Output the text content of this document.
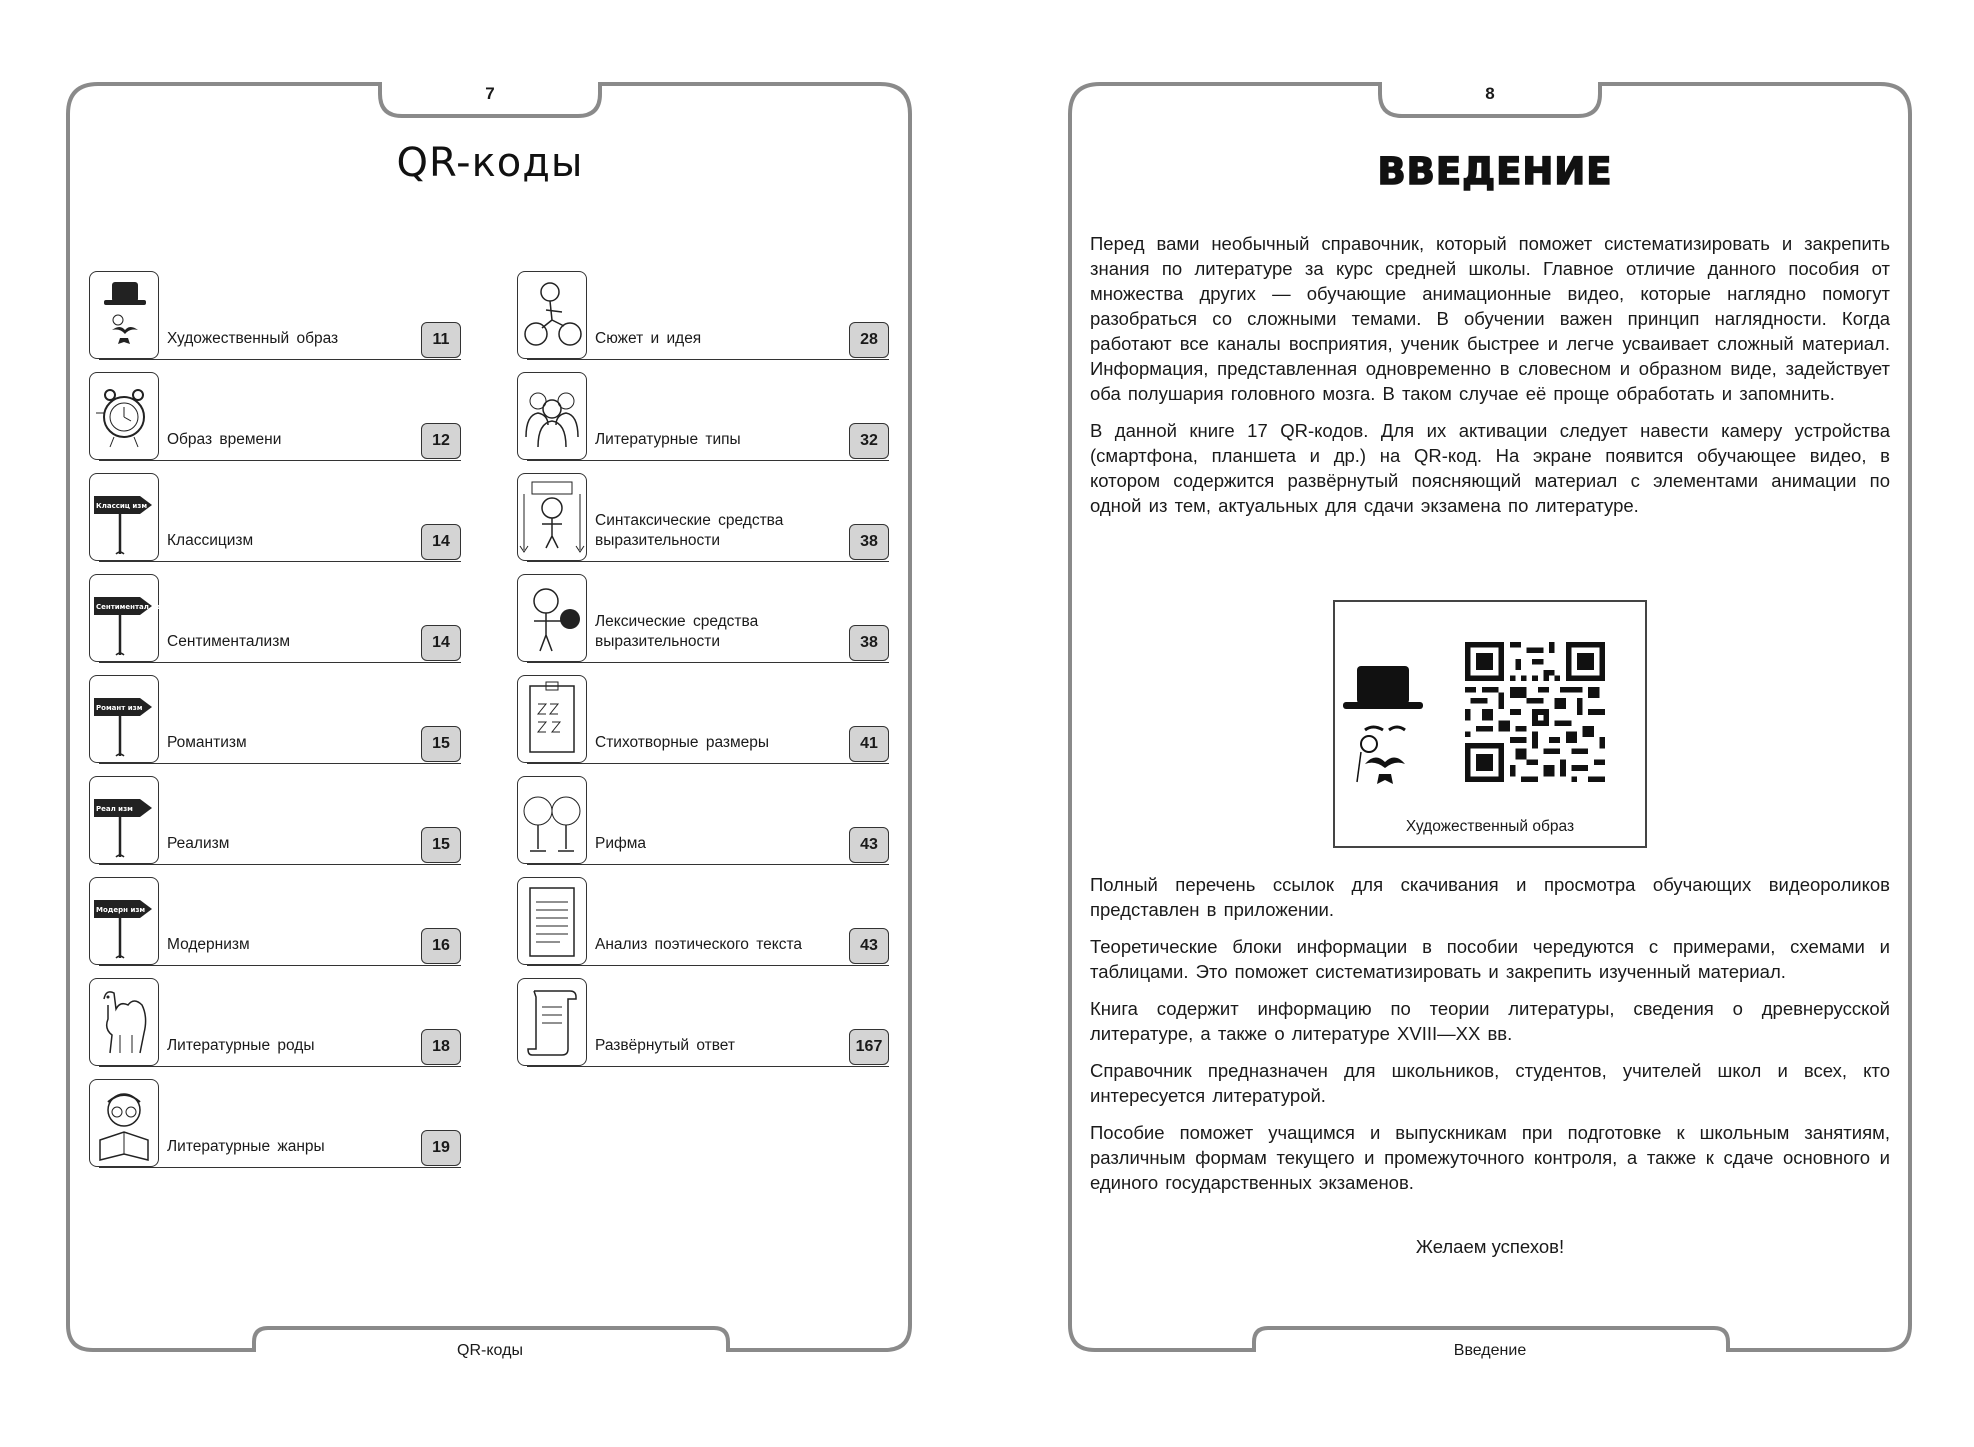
7
QR-коды
Художественный образ	11
Образ времени	12
Классиц изм
Классицизм	14
Сентиментал изм
Сентиментализм	14
Романт изм
Романтизм	15
Реал изм
Реализм	15
Модерн изм
Модернизм	16
Литературные роды	18
Литературные жанры	19
Сюжет и идея	28
Литературные типы	32
Синтаксические средства выразительности	38
Лексические средства выразительности	38
Стихотворные размеры	41
Рифма	43
Анализ поэтического текста	43
Развёрнутый ответ	167
QR-коды
8
ВВЕДЕНИЕ

Перед вами необычный справочник, который поможет систематизировать и закрепить знания по литературе за курс средней школы. Главное отличие данного пособия от множества других — обучающие анимационные видео, которые наглядно помогут разобраться со сложными темами. В обучении важен принцип наглядности. Когда работают все каналы восприятия, ученик быстрее и легче усваивает сложный материал. Информация, представленная одновременно в словесном и образном виде, задействует оба полушария головного мозга. В таком случае её проще обработать и запомнить.

В данной книге 17 QR-кодов. Для их активации следует навести камеру устройства (смартфона, планшета и др.) на QR-код. На экране появится обучающее видео, в котором содержится развёрнутый поясняющий материал с элементами анимации по одной из тем, актуальных для сдачи экзамена по литературе.

Художественный образ

Полный перечень ссылок для скачивания и просмотра обучающих видеороликов представлен в приложении.

Теоретические блоки информации в пособии чередуются с примерами, схемами и таблицами. Это поможет систематизировать и закрепить изученный материал.

Книга содержит информацию по теории литературы, сведения о древнерусской литературе, а также о литературе XVIII—XX вв.

Справочник предназначен для школьников, студентов, учителей школ и всех, кто интересуется литературой.

Пособие поможет учащимся и выпускникам при подготовке к школьным занятиям, различным формам текущего и промежуточного контроля, а также к сдаче основного и единого государственных экзаменов.

Желаем успехов!
Введение
